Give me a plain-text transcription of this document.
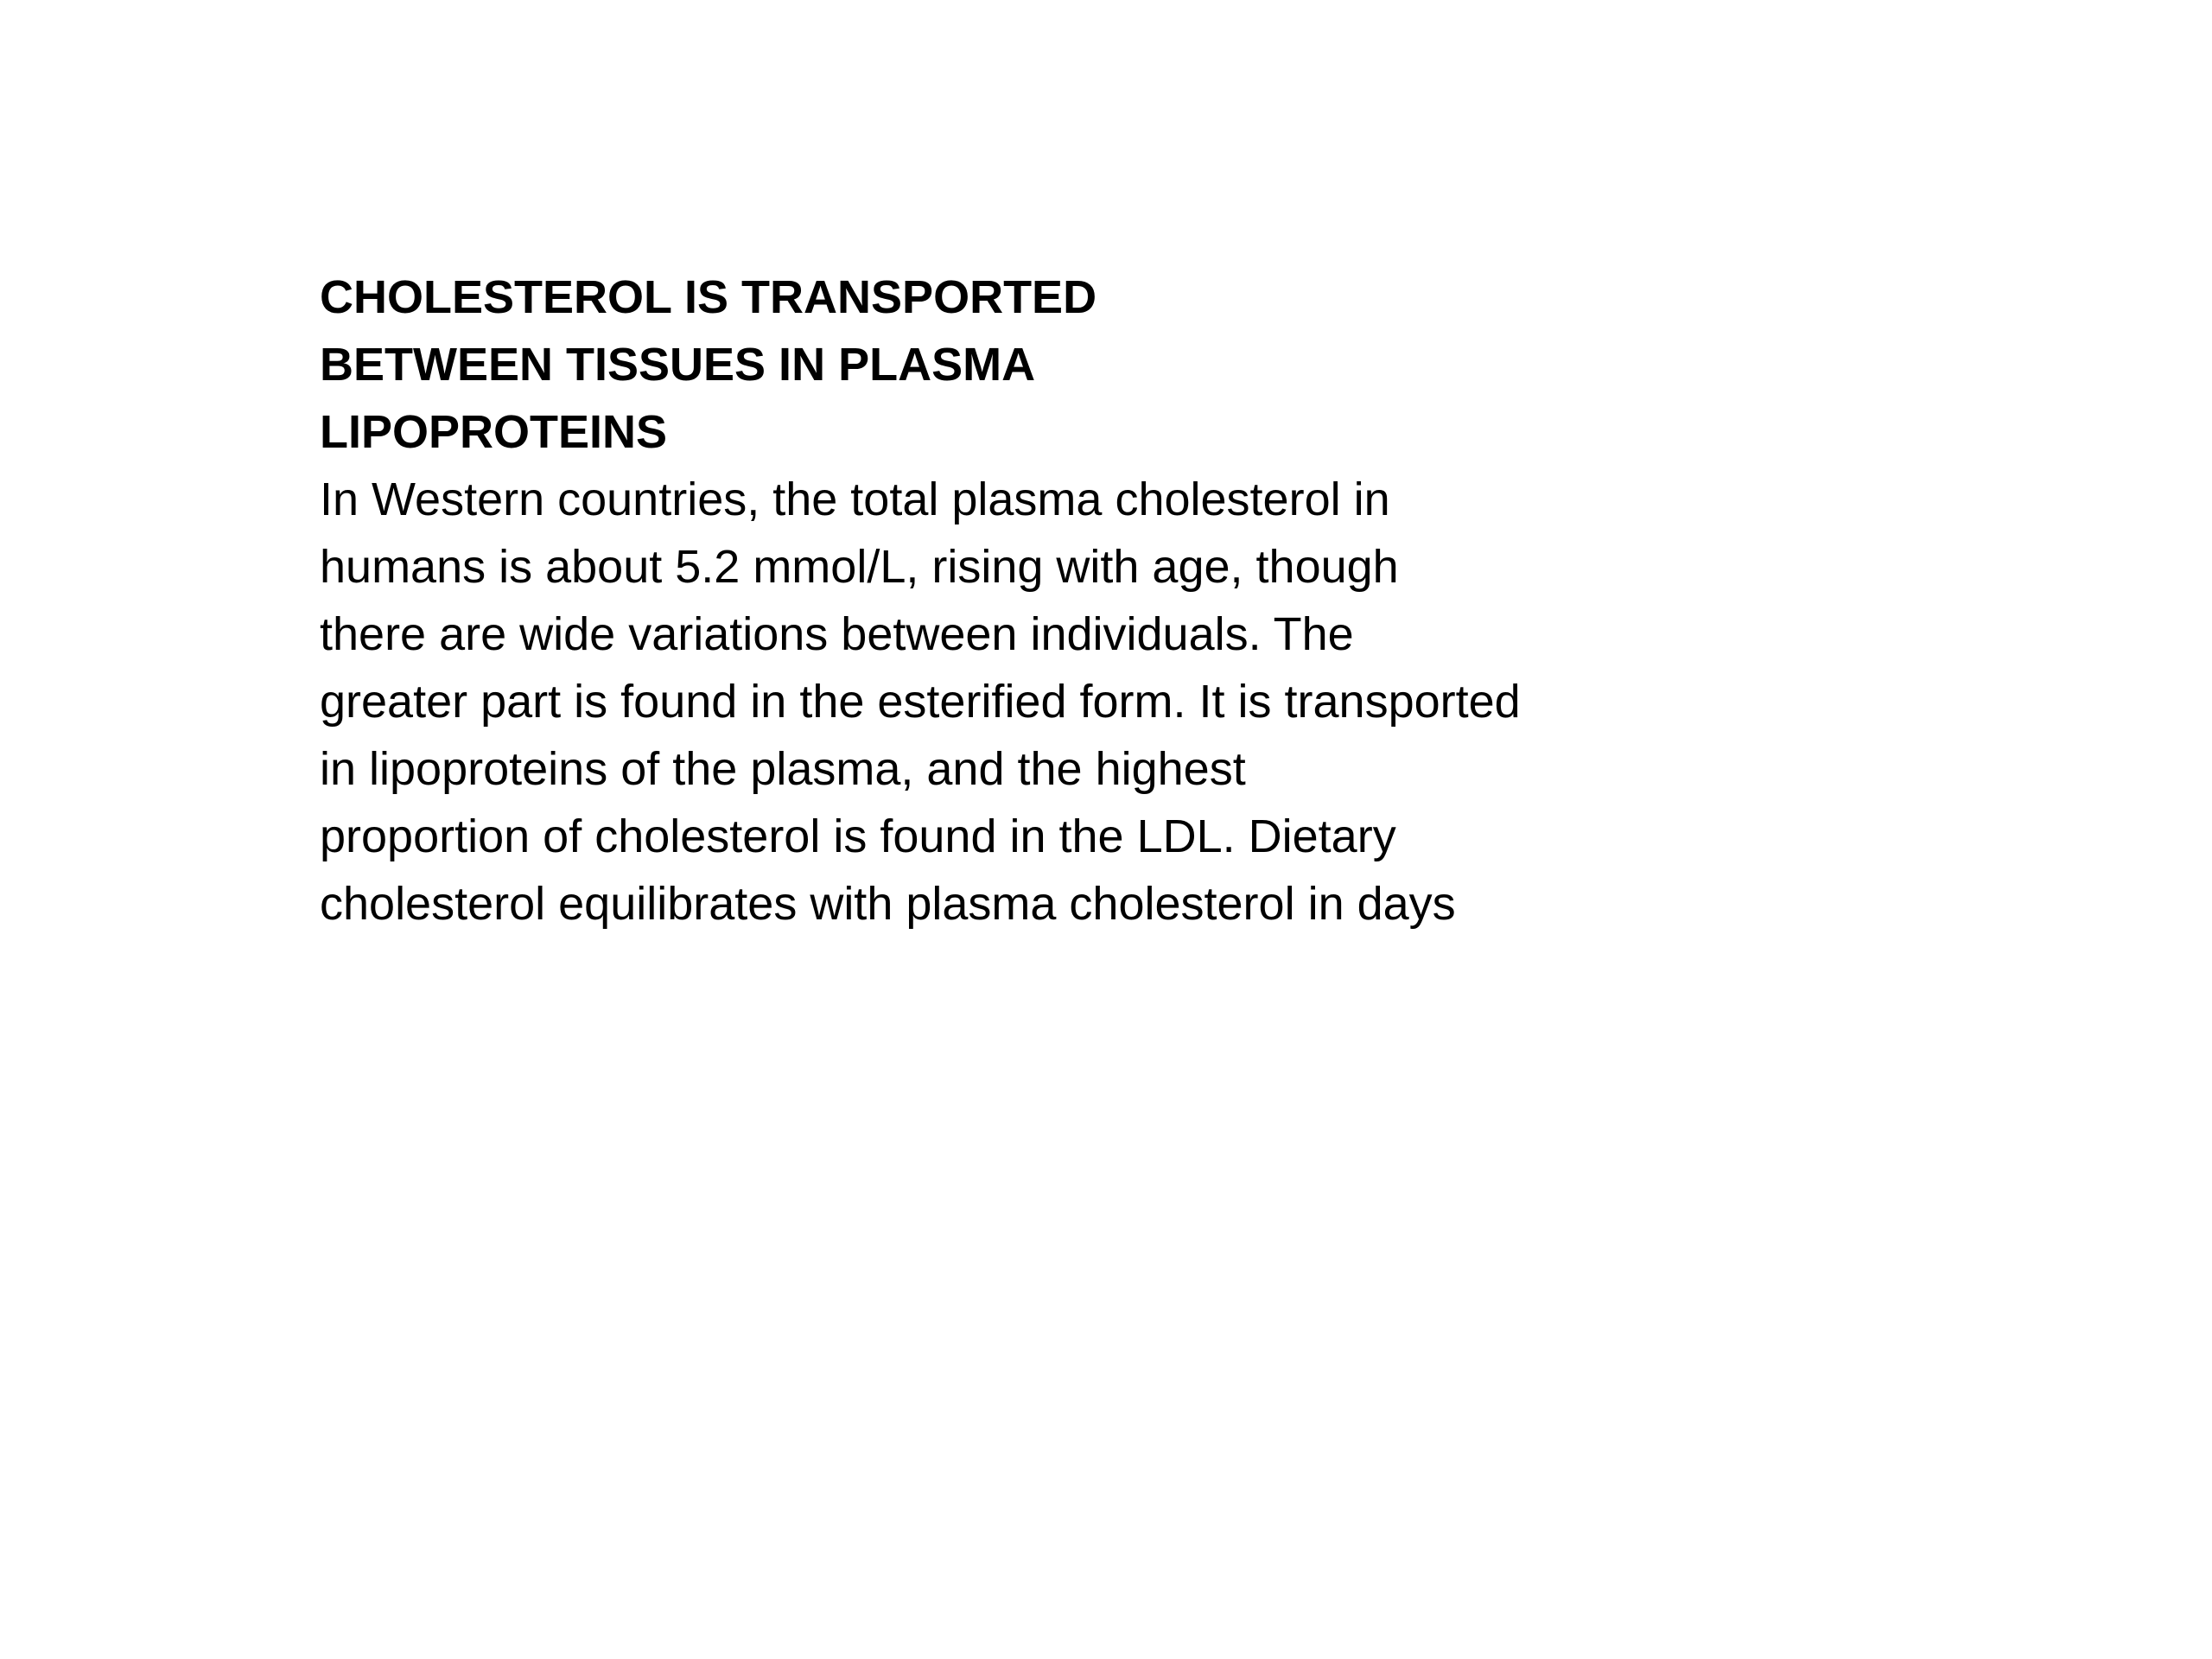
CHOLESTEROL IS TRANSPORTED
BETWEEN TISSUES IN PLASMA
LIPOPROTEINS
In Western countries, the total plasma cholesterol in
humans is about 5.2 mmol/L, rising with age, though
there are wide variations between individuals. The
greater part is found in the esterified form. It is transported
in lipoproteins of the plasma, and the highest
proportion of cholesterol is found in the LDL. Dietary
cholesterol equilibrates with plasma cholesterol in days
